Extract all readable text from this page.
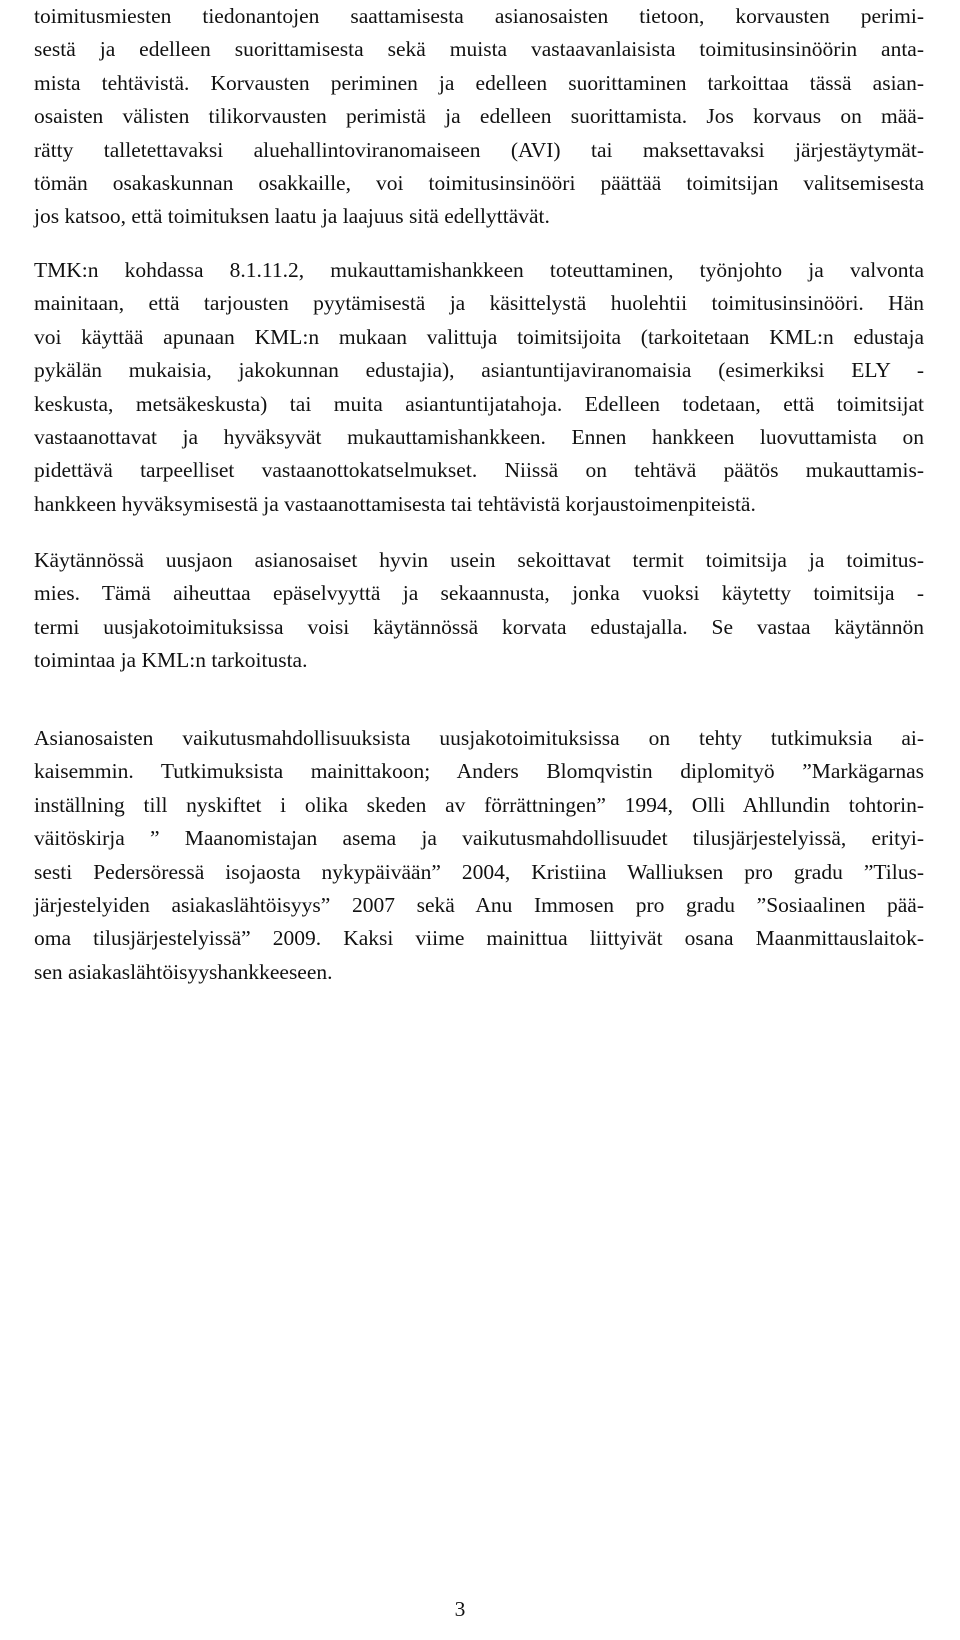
toimitusmiesten tiedonantojen saattamisesta asianosaisten tietoon, korvausten perimi-
sestä ja edelleen suorittamisesta sekä muista vastaavanlaisista toimitusinsinöörin anta-
mista tehtävistä. Korvausten periminen ja edelleen suorittaminen tarkoittaa tässä asian-
osaisten välisten tilikorvausten perimistä ja edelleen suorittamista. Jos korvaus on mää-
rätty talletettavaksi aluehallintoviranomaiseen (AVI) tai maksettavaksi järjestäytymät-
tömän osakaskunnan osakkaille, voi toimitusinsinööri päättää toimitsijan valitsemisesta
jos katsoo, että toimituksen laatu ja laajuus sitä edellyttävät.
TMK:n kohdassa 8.1.11.2, mukauttamishankkeen toteuttaminen, työnjohto ja valvonta
mainitaan, että tarjousten pyytämisestä ja käsittelystä huolehtii toimitusinsinööri. Hän
voi käyttää apunaan KML:n mukaan valittuja toimitsijoita (tarkoitetaan KML:n edustaja
pykälän mukaisia, jakokunnan edustajia), asiantuntijaviranomaisia (esimerkiksi ELY -
keskusta, metsäkeskusta) tai muita asiantuntijatahoja. Edelleen todetaan, että toimitsijat
vastaanottavat ja hyväksyvät mukauttamishankkeen. Ennen hankkeen luovuttamista on
pidettävä tarpeelliset vastaanottokatselmukset. Niissä on tehtävä päätös mukauttamis-
hankkeen hyväksymisestä ja vastaanottamisesta tai tehtävistä korjaustoimenpiteistä.
Käytännössä uusjaon asianosaiset hyvin usein sekoittavat termit toimitsija ja toimitus-
mies. Tämä aiheuttaa epäselvyyttä ja sekaannusta, jonka vuoksi käytetty toimitsija -
termi uusjakotoimituksissa voisi käytännössä korvata edustajalla. Se vastaa käytännön
toimintaa ja KML:n tarkoitusta.
Asianosaisten vaikutusmahdollisuuksista uusjakotoimituksissa on tehty tutkimuksia ai-
kaisemmin. Tutkimuksista mainittakoon; Anders Blomqvistin diplomityö ”Markägarnas
inställning till nyskiftet i olika skeden av förrättningen” 1994, Olli Ahllundin tohtorin-
väitöskirja ” Maanomistajan asema ja vaikutusmahdollisuudet tilusjärjestelyissä, erityi-
sesti Pedersöressä isojaosta nykypäivään” 2004, Kristiina Walliuksen pro gradu ”Tilus-
järjestelyiden asiakaslähtöisyys” 2007 sekä Anu Immosen pro gradu ”Sosiaalinen pää-
oma tilusjärjestelyissä” 2009. Kaksi viime mainittua liittyivät osana Maanmittauslaitok-
sen asiakaslähtöisyyshankkeeseen.
3
